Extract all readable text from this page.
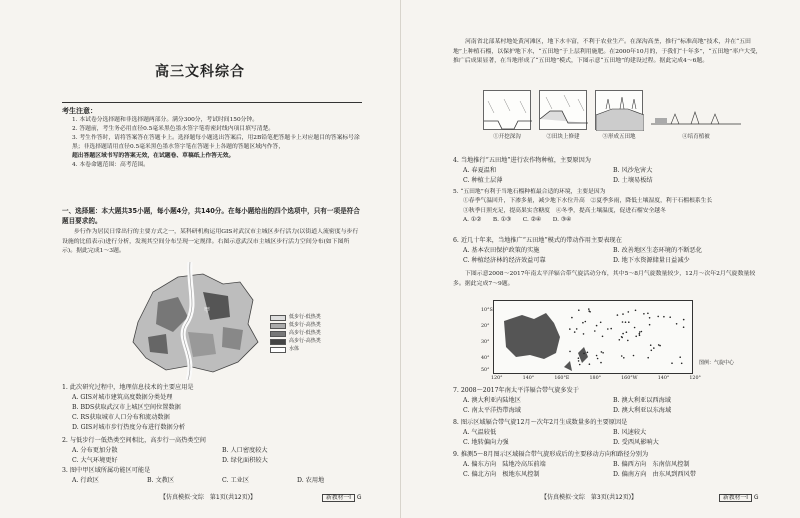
高三文科综合
考生注意：

1. 本试卷分选择题和非选择题两部分。满分300分，考试时间150分钟。

2. 答题前，考生务必用直径0.5毫米黑色墨水签字笔将密封线内项目填写清楚。

3. 考生作答时，请将答案答在答题卡上。选择题每小题选出答案后，用2B铅笔把答题卡上对应题目的答案标号涂黑；非选择题请用直径0.5毫米黑色墨水签字笔在答题卡上各题的答题区域内作答，

超出答题区域书写的答案无效，在试题卷、草稿纸上作答无效。

4. 本卷命题范围：高考范围。

一、选择题：本大题共35小题，每小题4分，共140分。在每小题给出的四个选项中，只有一项是符合题目要求的。
步行作为居民日常出行的主要方式之一，某科研机构运用GIS对武汉市主城区步行活力(以街道人流密度与步行设施的比值表示)进行分析，发现其空间分布呈现一定规律。右图示意武汉市主城区步行活力空间分布(如下图所示)。据此完成1～3题。
甲
低步行-低热类
低步行-高热类
高步行-低热类
高步行-高热类
水体
1. 此次研究过程中，地理信息技术的主要应用是
A. GIS对城市建筑高度数据分类处理
B. BDS获取武汉市上城区空间位置数据
C. RS获取城市人口分布和流动数据
D. GIS对城市步行热度分布进行数据分析
2. 与低步行一低热类空间相比，高步行一高热类空间
A. 分布更加分散	B. 人口密度较大
C. 大气环境更好	D. 绿化面积较大
3. 图中甲区域所属功能区可能是
A. 行政区	B. 文教区	C. 工业区	D. 农用地
【仿真模拟·文综　第1页(共12页)】	新教材一I G
河南省北部某村地处黄河滩区，地下水丰富，不利于农业生产。在深沟高垄，推行“标准高地”技术，并在“五田地”上种植石榴，以保护地下水，“五田地”于上层利用施肥。在2000年10月的，于我们“十年多”，“五田地”率户大受，推广后成果显著，在当地形成了“五田地”模式，下图示意“五田地”的建设过程。据此完成4～6题。
①开挖深沟	②田块上修建	③形成五田地	④培育植被
4. 当地推行“五田地”进行农作物种植，主要原因为
A. 春夏温和	B. 风沙危害大
C. 种植土层薄	D. 土壤易板结
5. “五田地”有利于当地石榴种植最合适的环境，主要是因为
①春季气温回升，下渗多量，减少地下水位升高　②夏季多雨，降低土壤湿度，利于石榴根系生长
③秋季日照充足，提高果实含糖度　④冬季，提高土壤温度，促进石榴安全越冬
A. ①②　　B. ①③　　C. ②④　　D. ③④
6. 近几十年来，当地推广“五田地”模式的带动作用主要表现在
A. 基本农田保护政策的实施	B. 改善地区生态环境的不断恶化
C. 种植经济林的经济效益可靠	D. 地下水资源储量日益减少
下图示意2008～2017年南太平洋辐合带气旋活动分布，其中5～8月气旋数量较少，12月～次年2月气旋数量较多。据此完成7～9题。
10°S
20°
30°
40°
50°
120°	140°	160°E	180°	160°W	140°	120°
图例：气旋中心
7. 2008～2017年南太平洋辐合带气旋多发于
A. 澳大利亚内陆地区	B. 澳大利亚以西海域
C. 南太平洋热带海域	D. 澳大利亚以东海域
8. 图示区域辐合带气旋12月～次年2月生成数量多的主要原因是
A. 气温较低	B. 风速较大
C. 地转偏向力强	D. 受西风影响大
9. 推测5～8月图示区域辐合带气旋形成后的主要移动方向和路径分别为
A. 偏东方向　陆地冷高压前端	B. 偏西方向　东南信风控制
C. 偏北方向　极地东风控制	D. 偏南方向　由东风到西风带
【仿真模拟·文综　第3页(共12页)】	新教材一I G
